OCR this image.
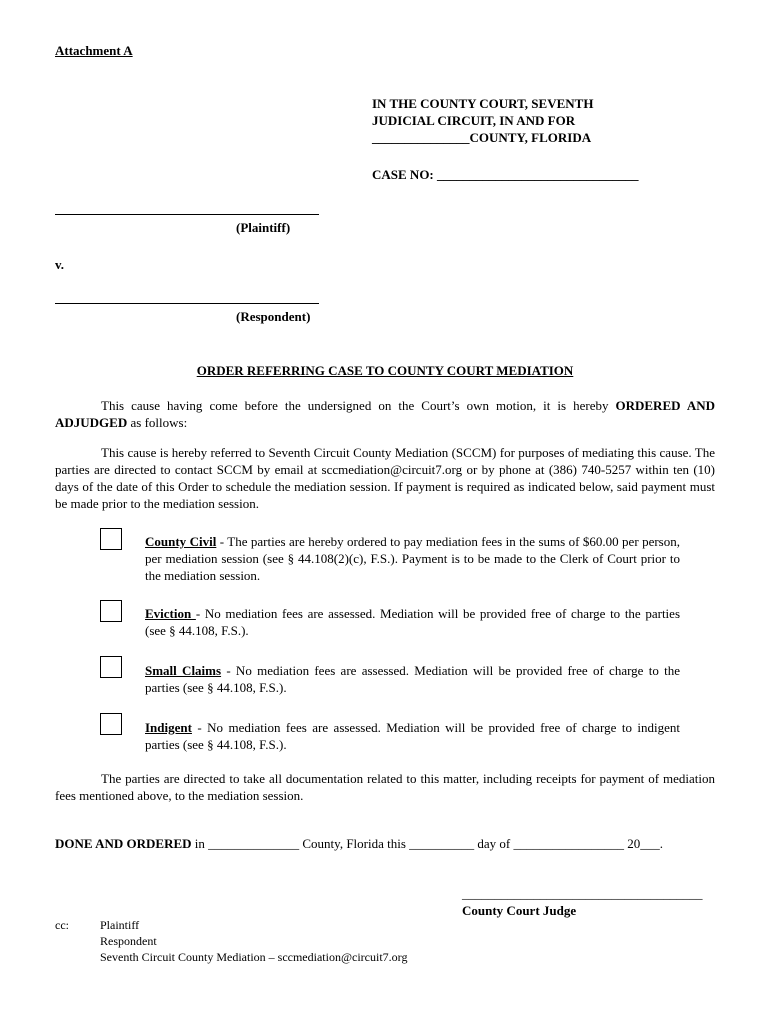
Attachment A
IN THE COUNTY COURT, SEVENTH
JUDICIAL CIRCUIT, IN AND FOR
_______________COUNTY, FLORIDA
CASE NO: _______________________________
(Plaintiff)
v.
(Respondent)
ORDER REFERRING CASE TO COUNTY COURT MEDIATION
This cause having come before the undersigned on the Court’s own motion, it is hereby ORDERED AND ADJUDGED as follows:
This cause is hereby referred to Seventh Circuit County Mediation (SCCM) for purposes of mediating this cause. The parties are directed to contact SCCM by email at sccmediation@circuit7.org or by phone at (386) 740-5257 within ten (10) days of the date of this Order to schedule the mediation session. If payment is required as indicated below, said payment must be made prior to the mediation session.
County Civil - The parties are hereby ordered to pay mediation fees in the sums of $60.00 per person, per mediation session (see § 44.108(2)(c), F.S.). Payment is to be made to the Clerk of Court prior to the mediation session.
Eviction - No mediation fees are assessed. Mediation will be provided free of charge to the parties (see § 44.108, F.S.).
Small Claims - No mediation fees are assessed. Mediation will be provided free of charge to the parties (see § 44.108, F.S.).
Indigent - No mediation fees are assessed. Mediation will be provided free of charge to indigent parties (see § 44.108, F.S.).
The parties are directed to take all documentation related to this matter, including receipts for payment of mediation fees mentioned above, to the mediation session.
DONE AND ORDERED in ______________ County, Florida this __________ day of _________________ 20___.
_____________________________________
County Court Judge
cc:	Plaintiff
Respondent
Seventh Circuit County Mediation – sccmediation@circuit7.org
